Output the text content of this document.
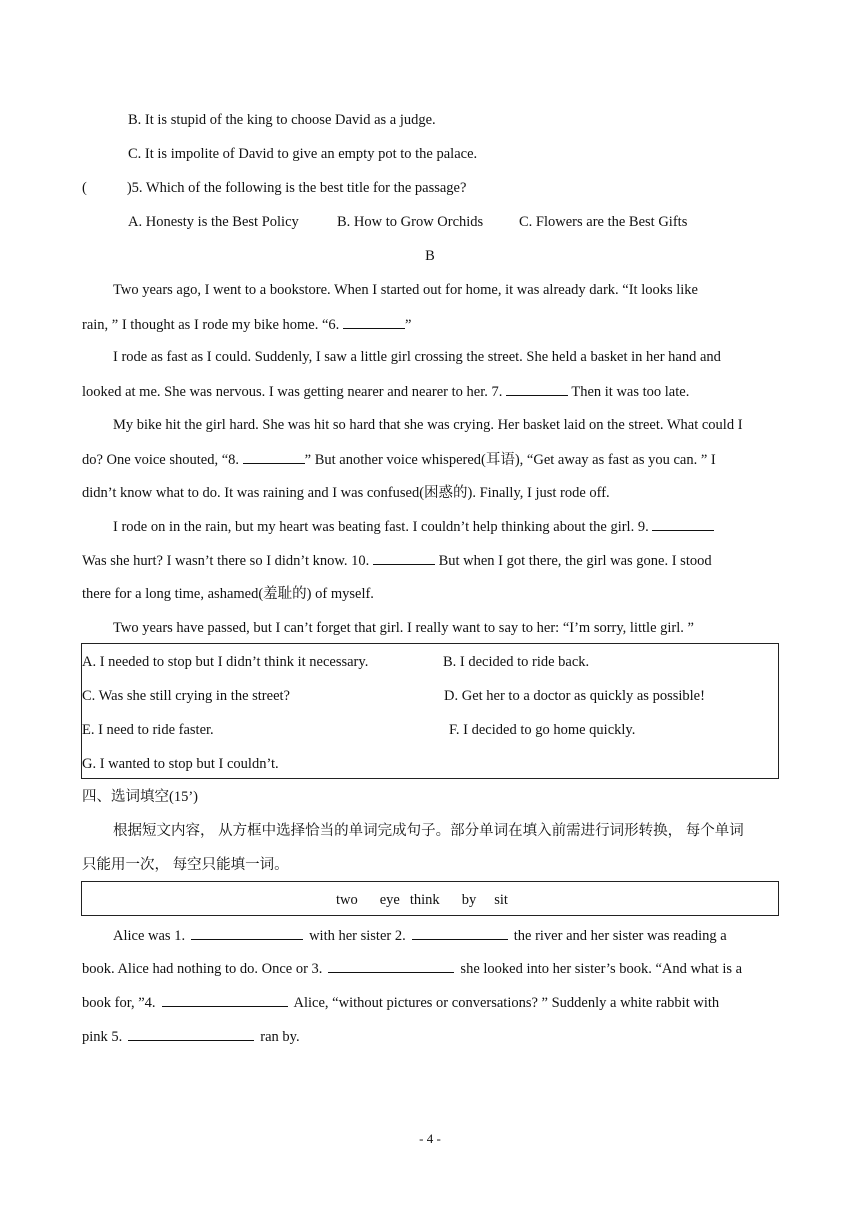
B. It is stupid of the king to choose David as a judge.
C. It is impolite of David to give an empty pot to the palace.
(	)5. Which of the following is the best title for the passage?
A. Honesty is the Best Policy	B. How to Grow Orchids C. Flowers are the Best Gifts
B
Two years ago, I went to a bookstore. When I started out for home, it was already dark. “It looks like
rain, ” I thought as I rode my bike home. “6.	”
I rode as fast as I could. Suddenly, I saw a little girl crossing the street. She held a basket in her hand and
looked at me. She was nervous. I was getting nearer and nearer to her. 7.	Then it was too late.
My bike hit the girl hard. She was hit so hard that she was crying. Her basket laid on the street. What could I
do? One voice shouted, “8.	” But another voice whispered(耳语), “Get away as fast as you can. ” I
didn’t know what to do. It was raining and I was confused(困惑的). Finally, I just rode off.
I rode on in the rain, but my heart was beating fast. I couldn’t help thinking about the girl. 9.
Was she hurt? I wasn’t there so I didn’t know. 10.	But when I got there, the girl was gone. I stood
there for a long time, ashamed(羞耻的) of myself.
Two years have passed, but I can’t forget that girl. I really want to say to her: “I’m sorry, little girl. ”
A. I needed to stop but I didn’t think it necessary.	B. I decided to ride back.
C. Was she still crying in the street?	D. Get her to a doctor as quickly as possible!
E. I need to ride faster.	F. I decided to go home quickly.
G. I wanted to stop but I couldn’t.
四、选词填空(15’)
根据短文内容， 从方框中选择恰当的单词完成句子。部分单词在填入前需进行词形转换， 每个单词
只能用一次， 每空只能填一词。
two eye think by sit
Alice was 1.	with her sister 2.	the river and her sister was reading a
book. Alice had nothing to do. Once or 3.	she looked into her sister’s book. “And what is a
book for, ”4.	Alice, “without pictures or conversations? ” Suddenly a white rabbit with
pink 5.	ran by.
- 4 -
